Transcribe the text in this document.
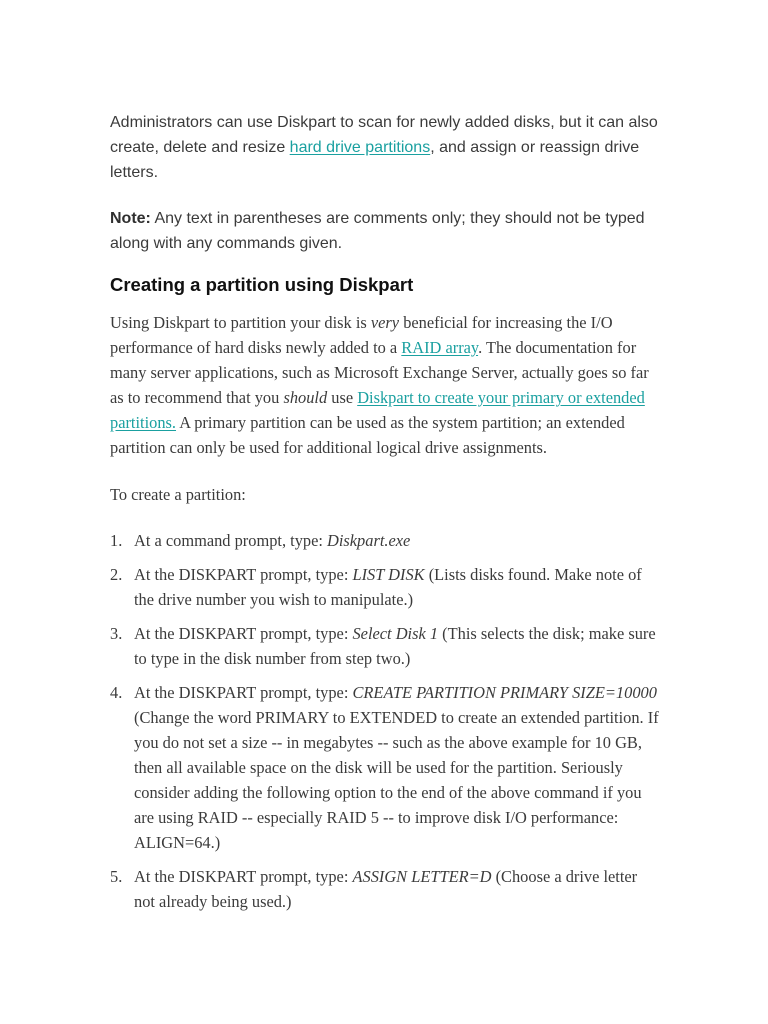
Administrators can use Diskpart to scan for newly added disks, but it can also create, delete and resize hard drive partitions, and assign or reassign drive letters.

Note: Any text in parentheses are comments only; they should not be typed along with any commands given.

Creating a partition using Diskpart

Using Diskpart to partition your disk is very beneficial for increasing the I/O performance of hard disks newly added to a RAID array. The documentation for many server applications, such as Microsoft Exchange Server, actually goes so far as to recommend that you should use Diskpart to create your primary or extended partitions. A primary partition can be used as the system partition; an extended partition can only be used for additional logical drive assignments.

To create a partition:

1. At a command prompt, type: Diskpart.exe
2. At the DISKPART prompt, type: LIST DISK (Lists disks found. Make note of the drive number you wish to manipulate.)
3. At the DISKPART prompt, type: Select Disk 1 (This selects the disk; make sure to type in the disk number from step two.)
4. At the DISKPART prompt, type: CREATE PARTITION PRIMARY SIZE=10000
(Change the word PRIMARY to EXTENDED to create an extended partition. If you do not set a size -- in megabytes -- such as the above example for 10 GB, then all available space on the disk will be used for the partition. Seriously consider adding the following option to the end of the above command if you are using RAID -- especially RAID 5 -- to improve disk I/O performance: ALIGN=64.)
5. At the DISKPART prompt, type: ASSIGN LETTER=D (Choose a drive letter not already being used.)
